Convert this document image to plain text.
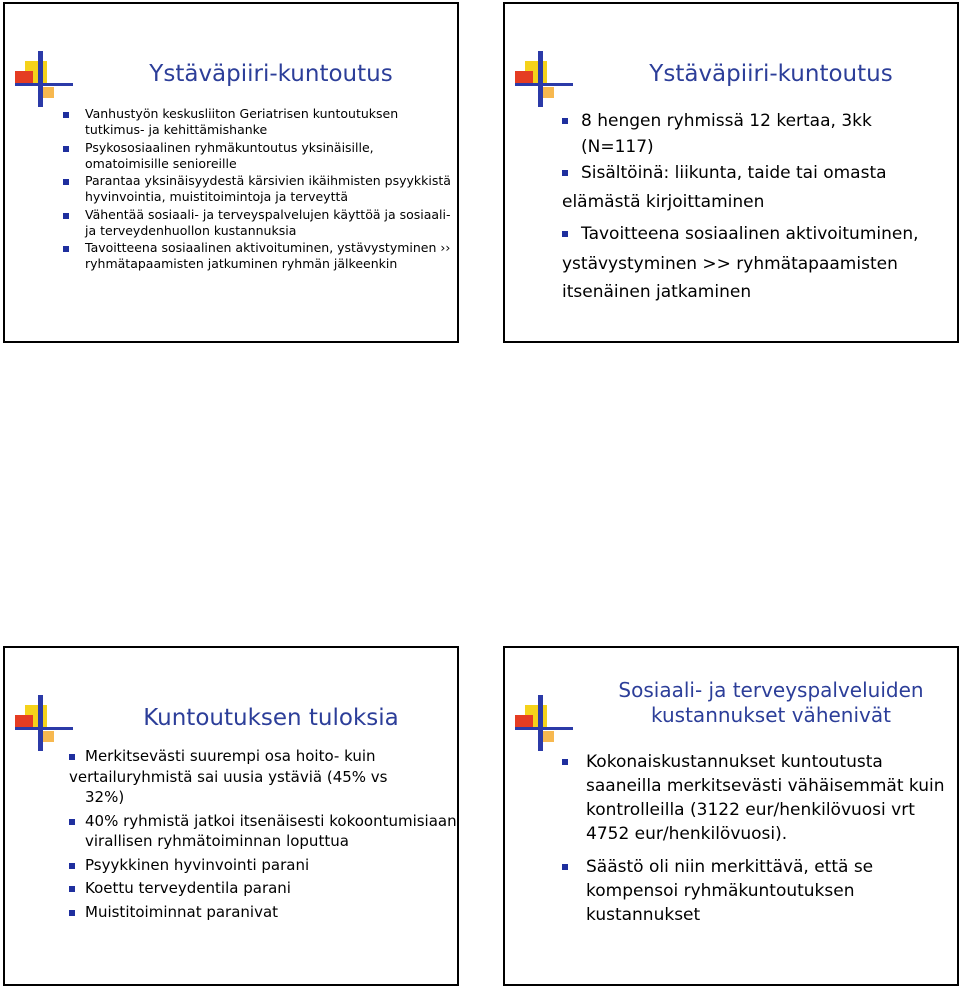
Ystäväpiiri-kuntoutus
Vanhustyön keskusliiton Geriatrisen kuntoutuksen tutkimus- ja kehittämishanke
Psykososiaalinen ryhmäkuntoutus yksinäisille, omatoimisille senioreille
Parantaa yksinäisyydestä kärsivien ikäihmisten psyykkistä hyvinvointia, muistitoimintoja ja terveyttä
Vähentää sosiaali- ja terveyspalvelujen käyttöä ja sosiaali- ja terveydenhuollon kustannuksia
Tavoitteena sosiaalinen aktivoituminen, ystävystyminen ›› ryhmätapaamisten jatkuminen ryhmän jälkeenkin
Ystäväpiiri-kuntoutus
8 hengen ryhmissä 12 kertaa, 3kk
(N=117)
Sisältöinä: liikunta, taide tai omasta
elämästä kirjoittaminen
Tavoitteena sosiaalinen aktivoituminen,
ystävystyminen >> ryhmätapaamisten itsenäinen jatkaminen
Kuntoutuksen tuloksia
Merkitsevästi suurempi osa hoito- kuin vertailuryhmistä sai uusia ystäviä (45% vs
32%)
40% ryhmistä jatkoi itsenäisesti kokoontumisiaan virallisen ryhmätoiminnan loputtua
Psyykkinen hyvinvointi parani
Koettu terveydentila parani
Muistitoiminnat paranivat
Sosiaali- ja terveyspalveluiden kustannukset vähenivät
Kokonaiskustannukset kuntoutusta saaneilla merkitsevästi vähäisemmät kuin kontrolleilla (3122 eur/henkilövuosi vrt 4752 eur/henkilövuosi).
Säästö oli niin merkittävä, että se kompensoi ryhmäkuntoutuksen kustannukset
